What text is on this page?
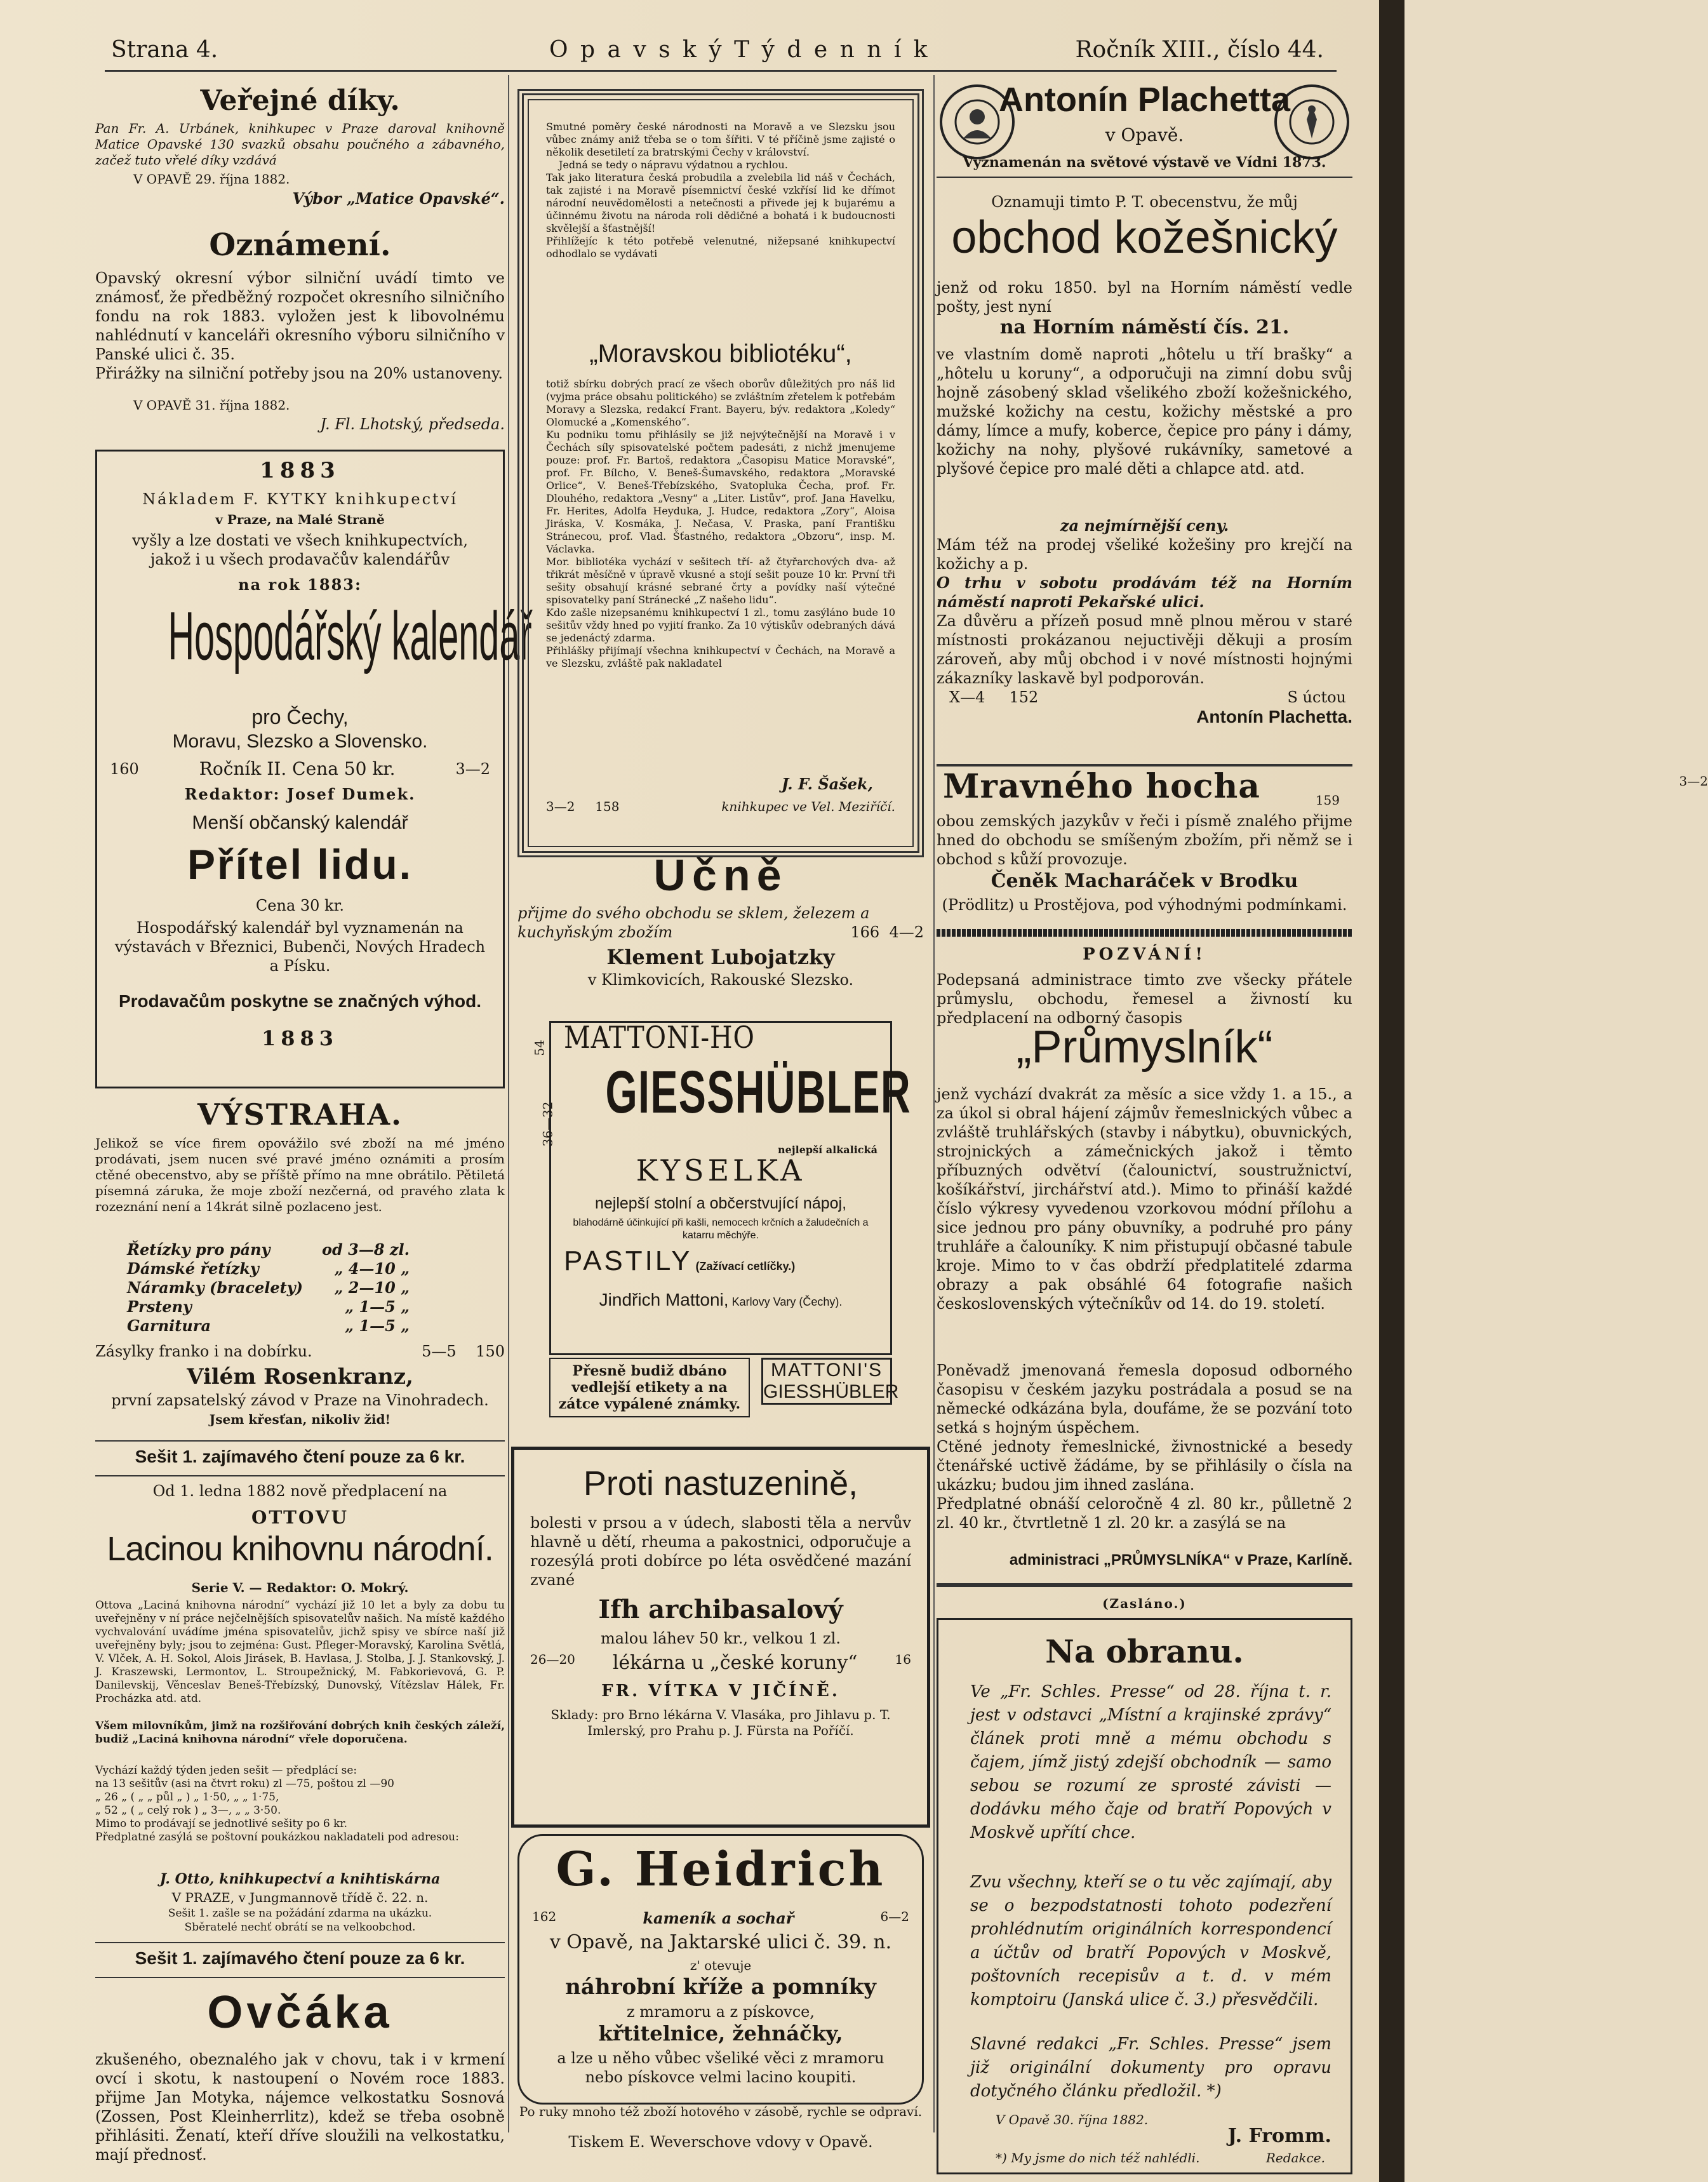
Strana 4.	O p a v s k ý T ý d e n n í k	Ročník XIII., číslo 44.
Veřejné díky.
Pan Fr. A. Urbánek, knihkupec v Praze daroval knihovně Matice Opavské 130 svazků obsahu poučného a zábavného, začež tuto vřelé díky vzdává
V OPAVĚ 29. října 1882.
Výbor „Matice Opavské“.
Oznámení.
Opavský okresní výbor silniční uvádí timto ve známosť, že předběžný rozpočet okresního silničního fondu na rok 1883. vyložen jest k libovolnému nahlédnutí v kanceláři okresního výboru silničního v Panské ulici č. 35.
Přirážky na silniční potřeby jsou na 20% ustanoveny.
V OPAVĚ 31. října 1882.
J. Fl. Lhotský, předseda.
1883
Nákladem F. KYTKY knihkupectví
v Praze, na Malé Straně
vyšly a lze dostati ve všech knihkupectvích, jakož i u všech prodavačův kalendářův
na rok 1883:
Hospodářský kalendář
pro Čechy,
Moravu, Slezsko a Slovensko.
160	Ročník II. Cena 50 kr.	3—2
Redaktor: Josef Dumek.
Menší občanský kalendář
Přítel lidu.
Cena 30 kr.
Hospodářský kalendář byl vyznamenán na výstavách v Březnici, Bubenči, Nových Hradech a Písku.
Prodavačům poskytne se značných výhod.
1883
VÝSTRAHA.
Jelikož se více firem opovážilo své zboží na mé jméno prodávati, jsem nucen své pravé jméno oznámiti a prosím ctěné obecenstvo, aby se příště přímo na mne obrátilo. Pětiletá písemná záruka, že moje zboží nezčerná, od pravého zlata k rozeznání není a 14krát silně pozlaceno jest.
Řetízky pro pány	od 3—8 zl.
Dámské řetízky	„ 4—10 „
Náramky (bracelety) „ 2—10 „
Prsteny	„ 1—5 „
Garnitura	„ 1—5 „
Zásylky franko i na dobírku.	5—5 150
Vilém Rosenkranz,
první zapsatelský závod v Praze na Vinohradech.
Jsem křesťan, nikoliv žid!
Sešit 1. zajímavého čtení pouze za 6 kr.
Od 1. ledna 1882 nově předplacení na
OTTOVU
Lacinou knihovnu národní.
Serie V. — Redaktor: O. Mokrý.
Ottova „Laciná knihovna národní“ vychází již 10 let a byly za dobu tu uveřejněny v ní práce nejčelnějších spisovatelův našich. Na místě každého vychvalování uvádíme jména spisovatelův, jichž spisy ve sbírce naší již uveřejněny byly; jsou to zejména: Gust. Pfleger-Moravský, Karolina Světlá, V. Vlček, A. H. Sokol, Alois Jirásek, B. Havlasa, J. Stolba, J. J. Stankovský, J. J. Kraszewski, Lermontov, L. Stroupežnický, M. Fabkorievová, G. P. Danilevskij, Věnceslav Beneš-Třebízský, Dunovský, Vítězslav Hálek, Fr. Procházka atd. atd.
Všem milovníkům, jimž na rozšiřování dobrých knih českých záleží, budiž „Laciná knihovna národní“ vřele doporučena.
Vychází každý týden jeden sešit — předplácí se:
na 13 sešitův (asi na čtvrt roku) zl —75, poštou zl —90
„ 26 „ ( „ „ půl „ ) „ 1·50, „ „ 1·75,
„ 52 „ ( „ celý rok ) „ 3—, „ „ 3·50.
Mimo to prodávají se jednotlivé sešity po 6 kr.
Předplatné zasýlá se poštovní poukázkou nakladateli pod adresou:
J. Otto, knihkupectví a knihtiskárna
V PRAZE, v Jungmannově třídě č. 22. n.
Sešit 1. zašle se na požádání zdarma na ukázku.
Sběratelé nechť obrátí se na velkoobchod.
Sešit 1. zajímavého čtení pouze za 6 kr.
Ovčáka
zkušeného, obeznalého jak v chovu, tak i v krmení ovcí i skotu, k nastoupení o Novém roce 1883. přijme Jan Motyka, nájemce velkostatku Sosnová (Zossen, Post Kleinherrlitz), kdež se třeba osobně přihlásiti. Ženatí, kteří dříve sloužili na velkostatku, mají přednosť.
Smutné poměry české národnosti na Moravě a ve Slezsku jsou vůbec známy aniž třeba se o tom šířiti. V té příčině jsme zajisté o několik desetiletí za bratrskými Čechy v království.
Jedná se tedy o nápravu výdatnou a rychlou.
Tak jako literatura česká probudila a zvelebila lid náš v Čechách, tak zajisté i na Moravě písemnictví české vzkřísí lid ke dřímot národní neuvědomělosti a netečnosti a přivede jej k bujarému a účinnému životu na národa roli dědičné a bohatá i k budoucnosti skvělejší a šťastnější!
Přihlížejíc k této potřebě velenutné, nižepsané knihkupectví odhodlalo se vydávati
„Moravskou bibliotéku“,
totiž sbírku dobrých prací ze všech oborův důležitých pro náš lid (vyjma práce obsahu politického) se zvláštním zřetelem k potřebám Moravy a Slezska, redakcí Frant. Bayeru, býv. redaktora „Koledy“ Olomucké a „Komenského“.
Ku podniku tomu přihlásily se již nejvýtečnější na Moravě i v Čechách síly spisovatelské počtem padesáti, z nichž jmenujeme pouze: prof. Fr. Bartoš, redaktora „Časopisu Matice Moravské“, prof. Fr. Bílcho, V. Beneš-Šumavského, redaktora „Moravské Orlice“, V. Beneš-Třebízského, Svatopluka Čecha, prof. Fr. Dlouhého, redaktora „Vesny“ a „Liter. Listův“, prof. Jana Havelku, Fr. Herites, Adolfa Heyduka, J. Hudce, redaktora „Zory“, Aloisa Jiráska, V. Kosmáka, J. Nečasa, V. Praska, paní Františku Stránecou, prof. Vlad. Šťastného, redaktora „Obzoru“, insp. M. Václavka.
Mor. bibliotéka vychází v sešitech tří- až čtyřarchových dva- až třikrát měsíčně v úpravě vkusné a stojí sešit pouze 10 kr. První tři sešity obsahují krásné sebrané črty a povídky naší výtečné spisovatelky paní Stránecké „Z našeho lidu“.
Kdo zašle nizepsanému knihkupectví 1 zl., tomu zasýláno bude 10 sešitův vždy hned po vyjití franko. Za 10 výtiskův odebraných dává se jedenáctý zdarma.
Přihlášky přijímají všechna knihkupectví v Čechách, na Moravě a ve Slezsku, zvláště pak nakladatel
J. F. Šašek,
3—2 158	knihkupec ve Vel. Meziříčí.
Učně
přijme do svého obchodu se sklem, železem a kuchyňským zbožím	166 4—2
Klement Lubojatzky
v Klimkovicích, Rakouské Slezsko.
MATTONI-HO
GIESSHÜBLER
nejlepší alkalická
KYSELKA
nejlepší stolní a občerstvující nápoj,
blahodárně účinkující při kašli, nemocech krčních a žaludečních a katarru měchýře.
PASTILY (Zažívací cetlíčky.)
Jindřich Mattoni, Karlovy Vary (Čechy).
36—32
54
Přesně budiž dbáno vedlejší etikety a na zátce vypálené známky.
MATTONI'S
GIESSHÜBLER
Proti nastuzenině,
bolesti v prsou a v údech, slabosti těla a nervův hlavně u dětí, rheuma a pakostnici, odporučuje a rozesýlá proti dobírce po léta osvědčené mazání zvané
Ifh archibasalový
malou láhev 50 kr., velkou 1 zl.
26—20 lékárna u „české koruny“	16
FR. VÍTKA V JIČÍNĚ.
Sklady: pro Brno lékárna V. Vlasáka, pro Jihlavu p. T. Imlerský, pro Prahu p. J. Fürsta na Poříčí.
G. Heidrich
162	kameník a sochař	6—2
v Opavě, na Jaktarské ulici č. 39. n.
z' otevuje
náhrobní kříže a pomníky
z mramoru a z pískovce,
křtitelnice, žehnáčky,
a lze u něho vůbec všeliké věci z mramoru nebo pískovce velmi lacino koupiti.
Po ruky mnoho též zboží hotového v zásobě, rychle se odpraví.
Tiskem E. Weverschove vdovy v Opavě.
Antonín Plachetta
v Opavě.
Vyznamenán na světové výstavě ve Vídni 1873.
Oznamuji timto P. T. obecenstvu, že můj
obchod kožešnický
jenž od roku 1850. byl na Horním náměstí vedle pošty, jest nyní
na Horním náměstí čís. 21.
ve vlastním domě naproti „hôtelu u tří brašky“ a „hôtelu u koruny“, a odporučuji na zimní dobu svůj hojně zásobený sklad všelikého zboží kožešnického, mužské kožichy na cestu, kožichy městské a pro dámy, límce a mufy, koberce, čepice pro pány i dámy, kožichy na nohy, plyšové rukávníky, sametové a plyšové čepice pro malé děti a chlapce atd. atd.
za nejmírnější ceny.
Mám též na prodej všeliké kožešiny pro krejčí na kožichy a p.
O trhu v sobotu prodávám též na Horním náměstí naproti Pekařské ulici.
Za důvěru a přízeň posud mně plnou měrou v staré místnosti prokázanou nejuctivěji děkuji a prosím zároveň, aby můj obchod i v nové místnosti hojnými zákazníky laskavě byl podporován.
X—4 152	S úctou
Antonín Plachetta.
Mravného hocha	3—2
159
obou zemských jazykův v řeči i písmě znalého přijme hned do obchodu se smíšeným zbožím, při němž se i obchod s kůží provozuje.
Čeněk Macharáček v Brodku
(Prödlitz) u Prostějova, pod výhodnými podmínkami.
POZVÁNÍ!
Podepsaná administrace timto zve všecky přátele průmyslu, obchodu, řemesel a živností ku předplacení na odborný časopis
„Průmyslník“
jenž vychází dvakrát za měsíc a sice vždy 1. a 15., a za úkol si obral hájení zájmův řemeslnických vůbec a zvláště truhlářských (stavby i nábytku), obuvnických, strojnických a zámečnických jakož i těmto příbuzných odvětví (čalounictví, soustružnictví, košíkářství, jirchářství atd.). Mimo to přináší každé číslo výkresy vyvedenou vzorkovou módní přílohu a sice jednou pro pány obuvníky, a podruhé pro pány truhláře a čalouníky. K nim přistupují občasné tabule kroje. Mimo to v čas obdrží předplatitelé zdarma obrazy a pak obsáhlé 64 fotografie našich československých výtečníkův od 14. do 19. století.
Poněvadž jmenovaná řemesla doposud odborného časopisu v českém jazyku postrádala a posud se na německé odkázána byla, doufáme, že se pozvání toto setká s hojným úspěchem.
Ctěné jednoty řemeslnické, živnostnické a besedy čtenářské uctivě žádáme, by se přihlásily o čísla na ukázku; budou jim ihned zaslána.
Předplatné obnáší celoročně 4 zl. 80 kr., půlletně 2 zl. 40 kr., čtvrtletně 1 zl. 20 kr. a zasýlá se na
administraci „PRŮMYSLNÍKA“ v Praze, Karlíně.
(Zasláno.)
Na obranu.
Ve „Fr. Schles. Presse“ od 28. října t. r. jest v odstavci „Místní a krajinské zprávy“ článek proti mně a mému obchodu s čajem, jímž jistý zdejší obchodník — samo sebou se rozumí ze sprosté závisti — dodávku mého čaje od bratří Popových v Moskvě upřítí chce.
Zvu všechny, kteří se o tu věc zajímají, aby se o bezpodstatnosti tohoto podezření prohlédnutím originálních korrespondencí a účtův od bratří Popových v Moskvě, poštovních recepisův a t. d. v mém komptoiru (Janská ulice č. 3.) přesvědčili.
Slavné redakci „Fr. Schles. Presse“ jsem již originální dokumenty pro opravu dotyčného článku předložil. *)
V Opavě 30. října 1882.
J. Fromm.
*) My jsme do nich též nahlédli.	Redakce.
